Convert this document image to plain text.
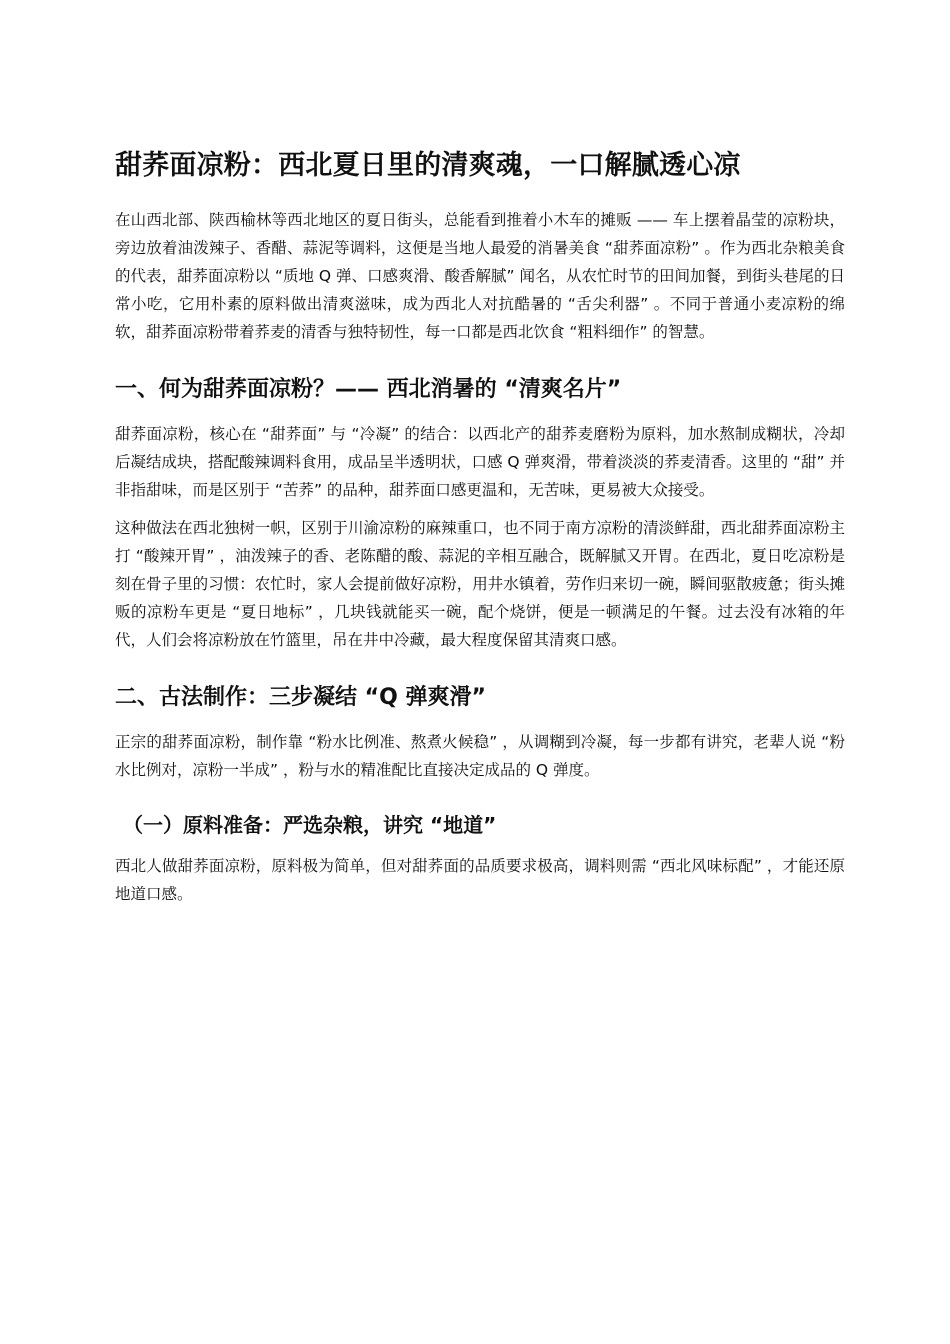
甜荞面凉粉：西北夏日里的清爽魂，一口解腻透心凉

在山西北部、陕西榆林等西北地区的夏日街头，总能看到推着小木车的摊贩 —— 车上摆着晶莹的凉粉块，旁边放着油泼辣子、香醋、蒜泥等调料，这便是当地人最爱的消暑美食 “甜荞面凉粉” 。作为西北杂粮美食的代表，甜荞面凉粉以 “质地 Q 弹、口感爽滑、酸香解腻” 闻名，从农忙时节的田间加餐，到街头巷尾的日常小吃，它用朴素的原料做出清爽滋味，成为西北人对抗酷暑的 “舌尖利器” 。不同于普通小麦凉粉的绵软，甜荞面凉粉带着荞麦的清香与独特韧性，每一口都是西北饮食 “粗料细作” 的智慧。

一、何为甜荞面凉粉？—— 西北消暑的 “清爽名片”

甜荞面凉粉，核心在 “甜荞面” 与 “冷凝” 的结合：以西北产的甜荞麦磨粉为原料，加水熬制成糊状，冷却后凝结成块，搭配酸辣调料食用，成品呈半透明状，口感 Q 弹爽滑，带着淡淡的荞麦清香。这里的 “甜” 并非指甜味，而是区别于 “苦荞” 的品种，甜荞面口感更温和，无苦味，更易被大众接受。

这种做法在西北独树一帜，区别于川渝凉粉的麻辣重口，也不同于南方凉粉的清淡鲜甜，西北甜荞面凉粉主打 “酸辣开胃” ，油泼辣子的香、老陈醋的酸、蒜泥的辛相互融合，既解腻又开胃。在西北，夏日吃凉粉是刻在骨子里的习惯：农忙时，家人会提前做好凉粉，用井水镇着，劳作归来切一碗，瞬间驱散疲惫；街头摊贩的凉粉车更是 “夏日地标” ，几块钱就能买一碗，配个烧饼，便是一顿满足的午餐。过去没有冰箱的年代，人们会将凉粉放在竹篮里，吊在井中冷藏，最大程度保留其清爽口感。

二、古法制作：三步凝结 “Q 弹爽滑”

正宗的甜荞面凉粉，制作靠 “粉水比例准、熬煮火候稳” ，从调糊到冷凝，每一步都有讲究，老辈人说 “粉水比例对，凉粉一半成” ，粉与水的精准配比直接决定成品的 Q 弹度。

（一）原料准备：严选杂粮，讲究 “地道”

西北人做甜荞面凉粉，原料极为简单，但对甜荞面的品质要求极高，调料则需 “西北风味标配” ，才能还原地道口感。
